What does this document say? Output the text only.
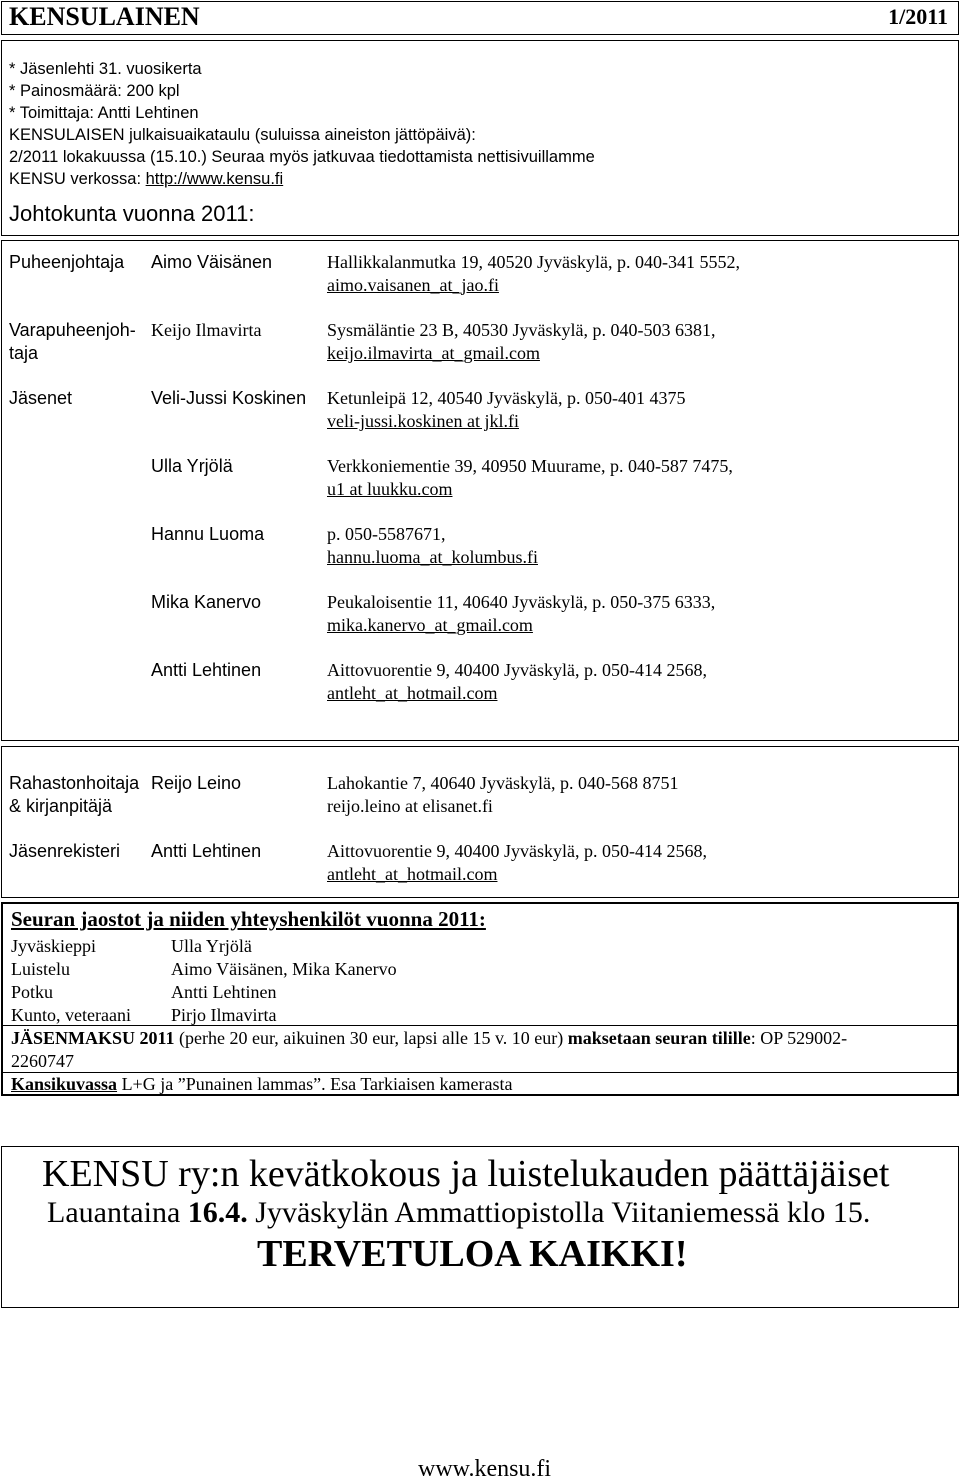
KENSULAINEN	1/2011
* Jäsenlehti 31. vuosikerta
* Painosmäärä: 200 kpl
* Toimittaja: Antti Lehtinen
KENSULAISEN julkaisuaikataulu (suluissa aineiston jättöpäivä):
2/2011 lokakuussa (15.10.) Seuraa myös jatkuvaa tiedottamista nettisivuillamme
KENSU verkossa: http://www.kensu.fi
Johtokunta vuonna 2011:
Puheenjohtaja Aimo Väisänen	Hallikkalanmutka 19, 40520 Jyväskylä, p. 040-341 5552,
aimo.vaisanen_at_jao.fi
Varapuheenjoh-
taja
Keijo Ilmavirta	Sysmäläntie 23 B, 40530 Jyväskylä, p. 040-503 6381,
keijo.ilmavirta_at_gmail.com
Jäsenet	Veli-Jussi Koskinen Ketunleipä 12, 40540 Jyväskylä, p. 050-401 4375
veli-jussi.koskinen at jkl.fi
Ulla Yrjölä	Verkkoniementie 39, 40950 Muurame, p. 040-587 7475,
u1 at luukku.com
Hannu Luoma	p. 050-5587671,
hannu.luoma_at_kolumbus.fi
Mika Kanervo	Peukaloisentie 11, 40640 Jyväskylä, p. 050-375 6333,
mika.kanervo_at_gmail.com
Antti Lehtinen	Aittovuorentie 9, 40400 Jyväskylä, p. 050-414 2568,
antleht_at_hotmail.com
Rahastonhoitaja
& kirjanpitäjä
Reijo Leino	Lahokantie 7, 40640 Jyväskylä, p. 040-568 8751
reijo.leino at elisanet.fi
Jäsenrekisteri Antti Lehtinen	Aittovuorentie 9, 40400 Jyväskylä, p. 050-414 2568,
antleht_at_hotmail.com
Seuran jaostot ja niiden yhteyshenkilöt vuonna 2011:
Jyväskieppi	Ulla Yrjölä
Luistelu	Aimo Väisänen, Mika Kanervo
Potku	Antti Lehtinen
Kunto, veteraani Pirjo Ilmavirta
JÄSENMAKSU 2011 (perhe 20 eur, aikuinen 30 eur, lapsi alle 15 v. 10 eur) maksetaan seuran tilille: OP 529002-
2260747
Kansikuvassa L+G ja ”Punainen lammas”. Esa Tarkiaisen kamerasta
KENSU ry:n kevätkokous ja luistelukauden päättäjäiset
Lauantaina 16.4. Jyväskylän Ammattiopistolla Viitaniemessä klo 15.
TERVETULOA KAIKKI!
www.kensu.fi
